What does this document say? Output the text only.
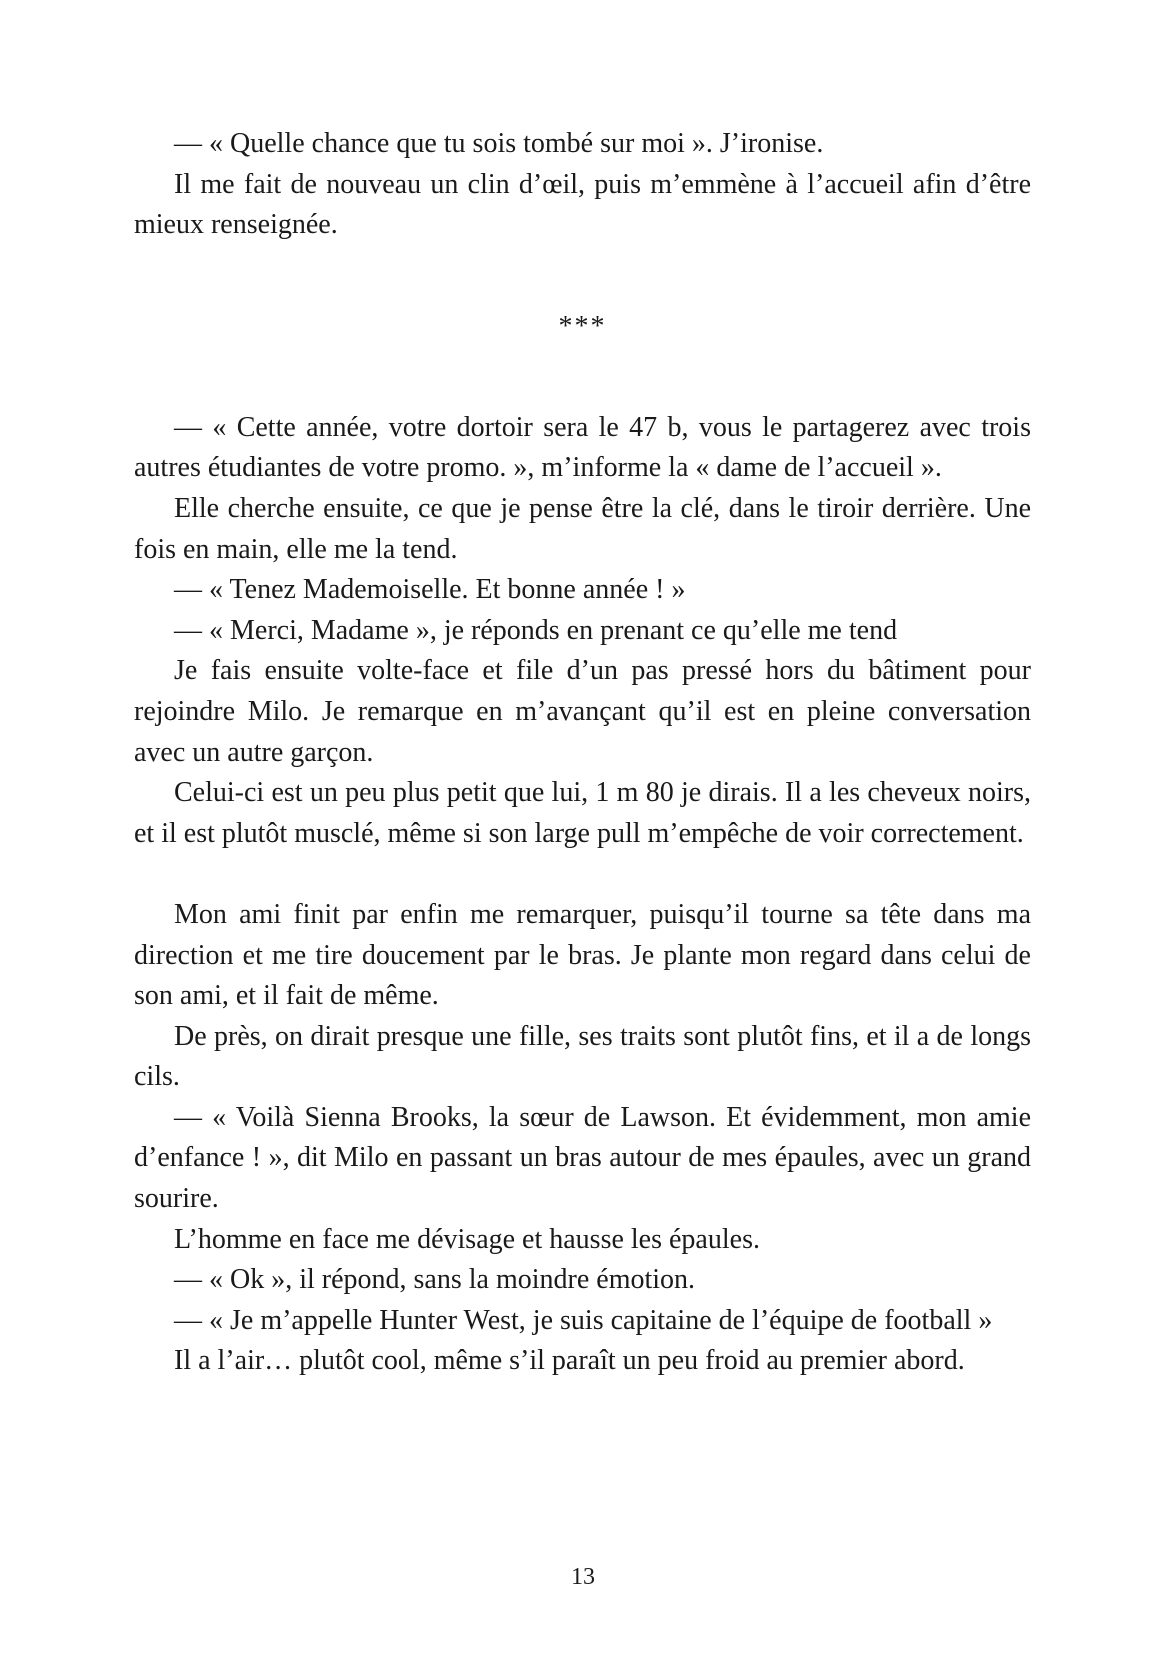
— « Quelle chance que tu sois tombé sur moi ». J’ironise.

Il me fait de nouveau un clin d’œil, puis m’emmène à l’accueil afin d’être mieux renseignée.

***

— « Cette année, votre dortoir sera le 47 b, vous le partagerez avec trois autres étudiantes de votre promo. », m’informe la « dame de l’accueil ».

Elle cherche ensuite, ce que je pense être la clé, dans le tiroir derrière. Une fois en main, elle me la tend.

— « Tenez Mademoiselle. Et bonne année ! »

— « Merci, Madame », je réponds en prenant ce qu’elle me tend

Je fais ensuite volte-face et file d’un pas pressé hors du bâtiment pour rejoindre Milo. Je remarque en m’avançant qu’il est en pleine conversation avec un autre garçon.

Celui-ci est un peu plus petit que lui, 1 m 80 je dirais. Il a les cheveux noirs, et il est plutôt musclé, même si son large pull m’empêche de voir correctement.

Mon ami finit par enfin me remarquer, puisqu’il tourne sa tête dans ma direction et me tire doucement par le bras. Je plante mon regard dans celui de son ami, et il fait de même.

De près, on dirait presque une fille, ses traits sont plutôt fins, et il a de longs cils.

— « Voilà Sienna Brooks, la sœur de Lawson. Et évidemment, mon amie d’enfance ! », dit Milo en passant un bras autour de mes épaules, avec un grand sourire.

L’homme en face me dévisage et hausse les épaules.

— « Ok », il répond, sans la moindre émotion.

— « Je m’appelle Hunter West, je suis capitaine de l’équipe de football »

Il a l’air… plutôt cool, même s’il paraît un peu froid au premier abord.

13
